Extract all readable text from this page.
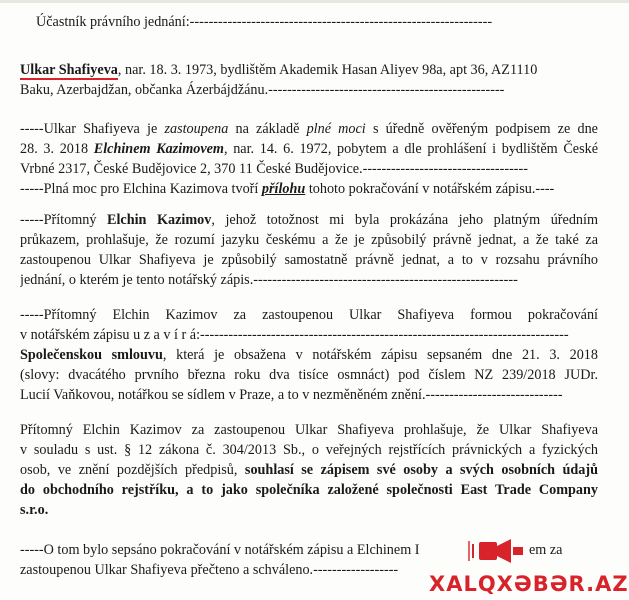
Účastník právního jednání:----------------------------------------------------------------
Ulkar Shafiyeva, nar. 18. 3. 1973, bydlištěm Akademik Hasan Aliyev 98a, apt 36, AZ1110
Baku, Azerbajdžan, občanka Ázerbájdžánu.--------------------------------------------------
-----Ulkar Shafiyeva je zastoupena na základě plné moci s úředně ověřeným podpisem ze dne
28. 3. 2018 Elchinem Kazimovem, nar. 14. 6. 1972, pobytem a dle prohlášení i bydlištěm České
Vrbné 2317, České Budějovice 2, 370 11 České Budějovice.-----------------------------------
-----Plná moc pro Elchina Kazimova tvoří přílohu tohoto pokračování v notářském zápisu.----
-----Přítomný Elchin Kazimov, jehož totožnost mi byla prokázána jeho platným úředním
průkazem, prohlašuje, že rozumí jazyku českému a že je způsobilý právně jednat, a že také za
zastoupenou Ulkar Shafiyeva je způsobilý samostatně právně jednat, a to v rozsahu právního
jednání, o kterém je tento notářský zápis.--------------------------------------------------------
-----Přítomný Elchin Kazimov za zastoupenou Ulkar Shafiyeva formou pokračování
v notářském zápisu u z a v í r á:------------------------------------------------------------------------------
Společenskou smlouvu, která je obsažena v notářském zápisu sepsaném dne 21. 3. 2018
(slovy: dvacátého prvního března roku dva tisíce osmnáct) pod číslem NZ 239/2018 JUDr.
Lucií Vaňkovou, notářkou se sídlem v Praze, a to v nezměněném znění.-----------------------------
Přítomný Elchin Kazimov za zastoupenou Ulkar Shafiyeva prohlašuje, že Ulkar Shafiyeva
v souladu s ust. § 12 zákona č. 304/2013 Sb., o veřejných rejstřících právnických a fyzických
osob, ve znění pozdějších předpisů, souhlasí se zápisem své osoby a svých osobních údajů
do obchodního rejstříku, a to jako společníka založené společnosti East Trade Company
s.r.o.
-----O tom bylo sepsáno pokračování v notářském zápisu a Elchinem I	em za
zastoupenou Ulkar Shafiyeva přečteno a schváleno.------------------
XALQXƏBƏR.AZ
